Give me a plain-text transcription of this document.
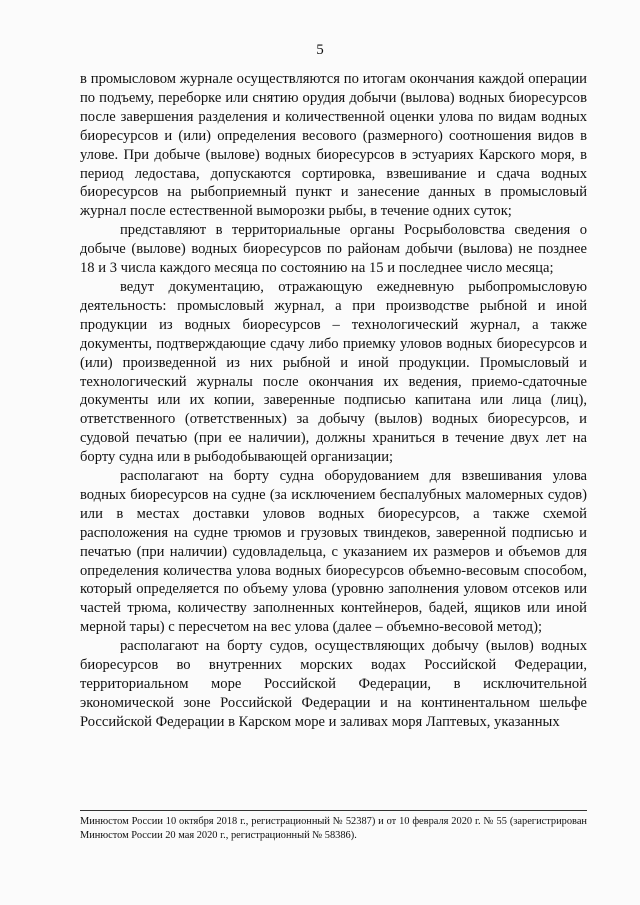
5

в промысловом журнале осуществляются по итогам окончания каждой операции по подъему, переборке или снятию орудия добычи (вылова) водных биоресурсов после завершения разделения и количественной оценки улова по видам водных биоресурсов и (или) определения весового (размерного) соотношения видов в улове. При добыче (вылове) водных биоресурсов в эстуариях Карского моря, в период ледостава, допускаются сортировка, взвешивание и сдача водных биоресурсов на рыбоприемный пункт и занесение данных в промысловый журнал после естественной выморозки рыбы, в течение одних суток;

представляют в территориальные органы Росрыболовства сведения о добыче (вылове) водных биоресурсов по районам добычи (вылова) не позднее 18 и 3 числа каждого месяца по состоянию на 15 и последнее число месяца;

ведут документацию, отражающую ежедневную рыбопромысловую деятельность: промысловый журнал, а при производстве рыбной и иной продукции из водных биоресурсов – технологический журнал, а также документы, подтверждающие сдачу либо приемку уловов водных биоресурсов и (или) произведенной из них рыбной и иной продукции. Промысловый и технологический журналы после окончания их ведения, приемо-сдаточные документы или их копии, заверенные подписью капитана или лица (лиц), ответственного (ответственных) за добычу (вылов) водных биоресурсов, и судовой печатью (при ее наличии), должны храниться в течение двух лет на борту судна или в рыбодобывающей организации;

располагают на борту судна оборудованием для взвешивания улова водных биоресурсов на судне (за исключением беспалубных маломерных судов) или в местах доставки уловов водных биоресурсов, а также схемой расположения на судне трюмов и грузовых твиндеков, заверенной подписью и печатью (при наличии) судовладельца, с указанием их размеров и объемов для определения количества улова водных биоресурсов объемно-весовым способом, который определяется по объему улова (уровню заполнения уловом отсеков или частей трюма, количеству заполненных контейнеров, бадей, ящиков или иной мерной тары) с пересчетом на вес улова (далее – объемно-весовой метод);

располагают на борту судов, осуществляющих добычу (вылов) водных биоресурсов во внутренних морских водах Российской Федерации, территориальном море Российской Федерации, в исключительной экономической зоне Российской Федерации и на континентальном шельфе Российской Федерации в Карском море и заливах моря Лаптевых, указанных

Минюстом России 10 октября 2018 г., регистрационный № 52387) и от 10 февраля 2020 г. № 55 (зарегистрирован Минюстом России 20 мая 2020 г., регистрационный № 58386).
